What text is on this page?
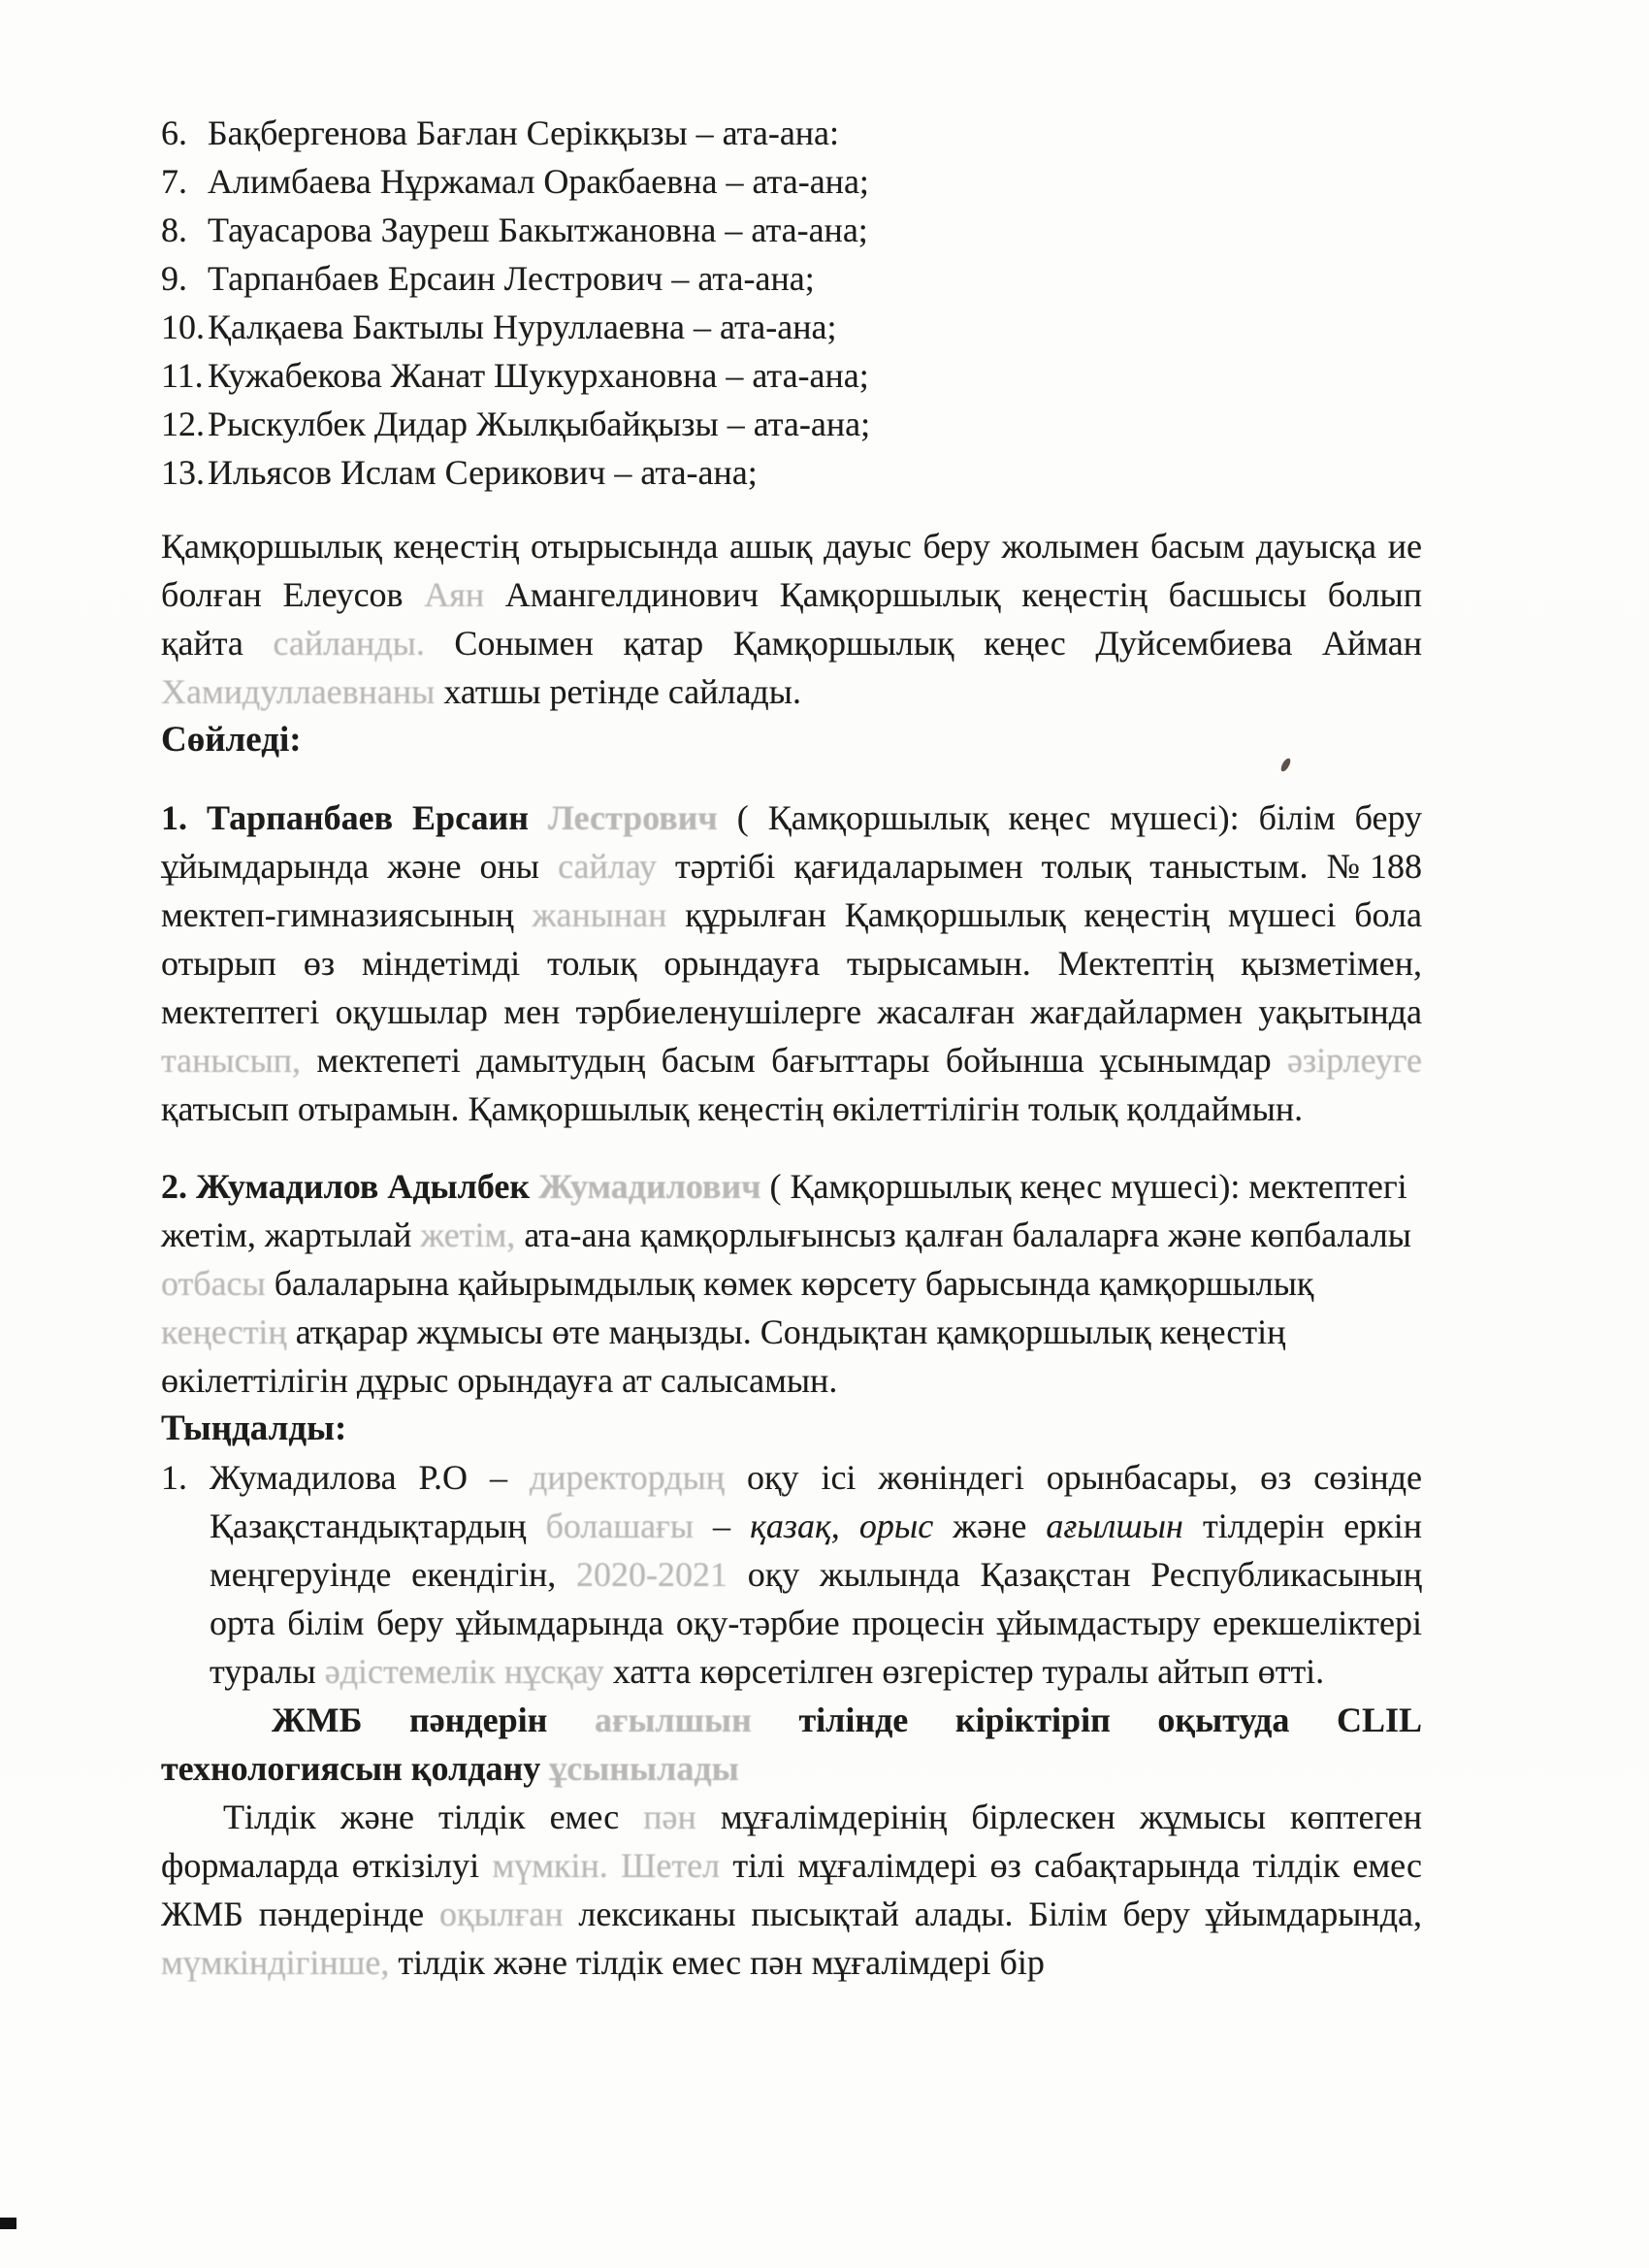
6. Бақбергенова Бағлан Серікқызы – ата-ана:
7. Алимбаева Нұржамал Оракбаевна – ата-ана;
8. Тауасарова Зауреш Бакытжановна – ата-ана;
9. Тарпанбаев Ерсаин Лестрович – ата-ана;
10. Қалқаева Бактылы Нуруллаевна – ата-ана;
11. Кужабекова Жанат Шукурхановна – ата-ана;
12. Рыскулбек Дидар Жылқыбайқызы – ата-ана;
13. Ильясов Ислам Серикович – ата-ана;

Қамқоршылық кеңестің отырысында ашық дауыс беру жолымен басым дауысқа ие болған Елеусов Аян Амангелдинович Қамқоршылық кеңестің басшысы болып қайта сайланды. Сонымен қатар Қамқоршылық кеңес Дуйсембиева Айман Хамидуллаевнаны хатшы ретінде сайлады.

Сөйледі:

1. Тарпанбаев Ерсаин Лестрович ( Қамқоршылық кеңес мүшесі): білім беру ұйымдарында және оны сайлау тәртібі қағидаларымен толық таныстым. №188 мектеп-гимназиясының жанынан құрылған Қамқоршылық кеңестің мүшесі бола отырып өз міндетімді толық орындауға тырысамын. Мектептің қызметімен, мектептегі оқушылар мен тәрбиеленушілерге жасалған жағдайлармен уақытында танысып, мектепеті дамытудың басым бағыттары бойынша ұсынымдар әзірлеуге қатысып отырамын. Қамқоршылық кеңестің өкілеттілігін толық қолдаймын.

2. Жумадилов Адылбек Жумадилович ( Қамқоршылық кеңес мүшесі): мектептегі жетім, жартылай жетім, ата-ана қамқорлығынсыз қалған балаларға және көпбалалы отбасы балаларына қайырымдылық көмек көрсету барысында қамқоршылық кеңестің атқарар жұмысы өте маңызды. Сондықтан қамқоршылық кеңестің өкілеттілігін дұрыс орындауға ат салысамын.

Тыңдалды:
1. Жумадилова Р.О – директордың оқу ісі жөніндегі орынбасары, өз сөзінде Қазақстандықтардың болашағы – қазақ, орыс және ағылшын тілдерін еркін меңгеруінде екендігін, 2020-2021 оқу жылында Қазақстан Республикасының орта білім беру ұйымдарында оқу-тәрбие процесін ұйымдастыру ерекшеліктері туралы әдістемелік нұсқау хатта көрсетілген өзгерістер туралы айтып өтті.

ЖМБ пәндерін ағылшын тілінде кіріктіріп оқытуда CLIL технологиясын қолдану ұсынылады

Тілдік және тілдік емес пән мұғалімдерінің бірлескен жұмысы көптеген формаларда өткізілуі мүмкін. Шетел тілі мұғалімдері өз сабақтарында тілдік емес ЖМБ пәндерінде оқылған лексиканы пысықтай алады. Білім беру ұйымдарында, мүмкіндігінше, тілдік және тілдік емес пән мұғалімдері бір
